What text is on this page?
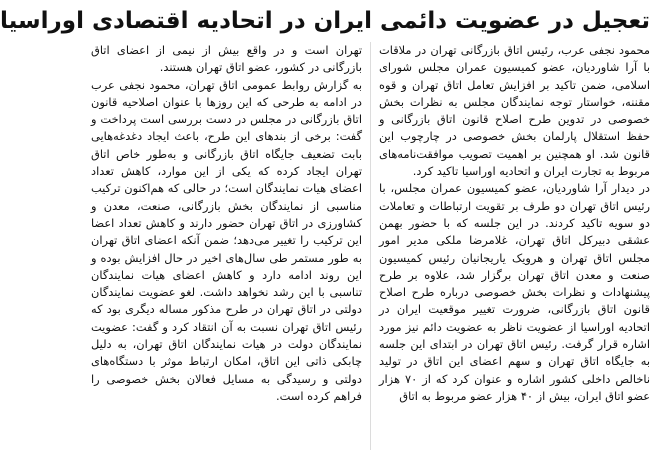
تعجیل در عضویت دائمی ایران در اتحادیه اقتصادی اوراسیا

محمود نجفی عرب، رئیس اتاق بازرگانی تهران در ملاقات با آرا شاوردیان، عضو کمیسیون عمران مجلس شورای اسلامی، ضمن تاکید بر افزایش تعامل اتاق تهران و قوه مقننه، خواستار توجه نمایندگان مجلس به نظرات بخش خصوصی در تدوین طرح اصلاح قانون اتاق بازرگانی و حفظ استقلال پارلمان بخش خصوصی در چارچوب این قانون شد. او همچنین بر اهمیت تصویب موافقت‌نامه‌های مربوط به تجارت ایران و اتحادیه اوراسیا تاکید کرد.

در دیدار آرا شاوردیان، عضو کمیسیون عمران مجلس، با رئیس اتاق تهران دو طرف بر تقویت ارتباطات و تعاملات دو سویه تاکید کردند. در این جلسه که با حضور بهمن عشقی دبیرکل اتاق تهران، غلامرضا ملکی مدیر امور مجلس اتاق تهران و هرویک یاریجانیان رئیس کمیسیون صنعت و معدن اتاق تهران برگزار شد، علاوه بر طرح پیشنهادات و نظرات بخش خصوصی درباره طرح اصلاح قانون اتاق بازرگانی، ضرورت تغییر موقعیت ایران در اتحادیه اوراسیا از عضویت ناظر به عضویت دائم نیز مورد اشاره قرار گرفت. رئیس اتاق تهران در ابتدای این جلسه به جایگاه اتاق تهران و سهم اعضای این اتاق در تولید ناخالص داخلی کشور اشاره و عنوان کرد که از ۷۰ هزار عضو اتاق ایران، بیش از ۴۰ هزار عضو مربوط به اتاق

تهران است و در واقع بیش از نیمی از اعضای اتاق بازرگانی در کشور، عضو اتاق تهران هستند.

به گزارش روابط عمومی اتاق تهران، محمود نجفی عرب در ادامه به طرحی که این روزها با عنوان اصلاحیه قانون اتاق بازرگانی در مجلس در دست بررسی است پرداخت و گفت: برخی از بندهای این طرح، باعث ایجاد دغدغه‌هایی بابت تضعیف جایگاه اتاق بازرگانی و به‌طور خاص اتاق تهران ایجاد کرده که یکی از این موارد، کاهش تعداد اعضای هیات نمایندگان است؛ در حالی که هم‌اکنون ترکیب مناسبی از نمایندگان بخش بازرگانی، صنعت، معدن و کشاورزی در اتاق تهران حضور دارند و کاهش تعداد اعضا این ترکیب را تغییر می‌دهد؛ ضمن آنکه اعضای اتاق تهران به طور مستمر طی سال‌های اخیر در حال افزایش بوده و این روند ادامه دارد و کاهش اعضای هیات نمایندگان تناسبی با این رشد نخواهد داشت. لغو عضویت نمایندگان دولتی در اتاق تهران در طرح مذکور مساله دیگری بود که رئیس اتاق تهران نسبت به آن انتقاد کرد و گفت: عضویت نمایندگان دولت در هیات نمایندگان اتاق تهران، به دلیل چابکی ذاتی این اتاق، امکان ارتباط موثر با دستگاه‌های دولتی و رسیدگی به مسایل فعالان بخش خصوصی را فراهم کرده است.
